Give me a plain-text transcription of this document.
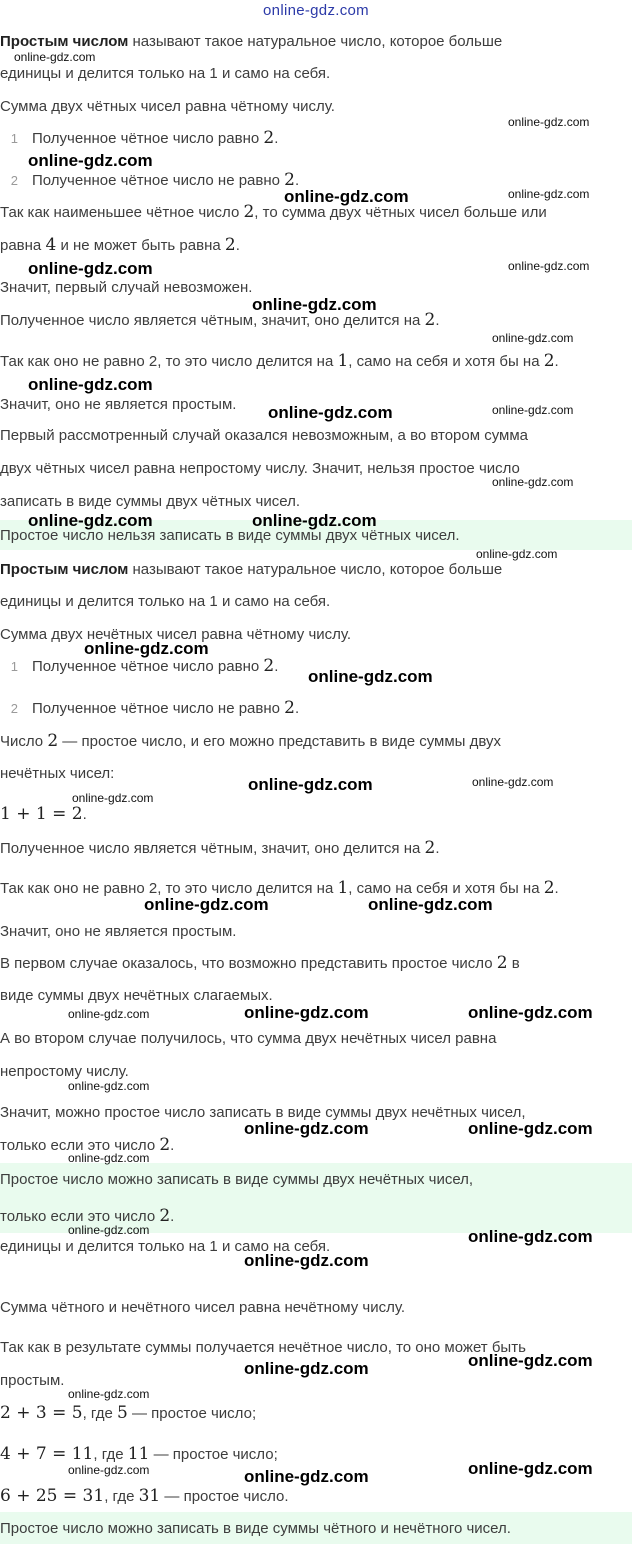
online-gdz.com

Простым числом называют такое натуральное число, которое больше

единицы и делится только на 1 и само на себя.

Сумма двух чётных чисел равна чётному числу.

1 Полученное чётное число равно 2.

2 Полученное чётное число не равно 2.

Так как наименьшее чётное число 2, то сумма двух чётных чисел больше или

равна 4 и не может быть равна 2.

Значит, первый случай невозможен.

Полученное число является чётным, значит, оно делится на 2.

Так как оно не равно 2, то это число делится на 1, само на себя и хотя бы на 2.

Значит, оно не является простым.

Первый рассмотренный случай оказался невозможным, а во втором сумма

двух чётных чисел равна непростому числу. Значит, нельзя простое число

записать в виде суммы двух чётных чисел.

Простое число нельзя записать в виде суммы двух чётных чисел.

Простым числом называют такое натуральное число, которое больше

единицы и делится только на 1 и само на себя.

Сумма двух нечётных чисел равна чётному числу.

1 Полученное чётное число равно 2.

2 Полученное чётное число не равно 2.

Число 2 — простое число, и его можно представить в виде суммы двух

нечётных чисел:

1 + 1 = 2.

Полученное число является чётным, значит, оно делится на 2.

Так как оно не равно 2, то это число делится на 1, само на себя и хотя бы на 2.

Значит, оно не является простым.

В первом случае оказалось, что возможно представить простое число 2 в

виде суммы двух нечётных слагаемых.

А во втором случае получилось, что сумма двух нечётных чисел равна

непростому числу.

Значит, можно простое число записать в виде суммы двух нечётных чисел,

только если это число 2.

Простое число можно записать в виде суммы двух нечётных чисел,

только если это число 2.

единицы и делится только на 1 и само на себя.

Сумма чётного и нечётного чисел равна нечётному числу.

Так как в результате суммы получается нечётное число, то оно может быть

простым.

2 + 3 = 5, где 5 — простое число;

4 + 7 = 11, где 11 — простое число;

6 + 25 = 31, где 31 — простое число.

Простое число можно записать в виде суммы чётного и нечётного чисел.

online-gdz.com
online-gdz.com
online-gdz.com
online-gdz.com
online-gdz.com
online-gdz.com
online-gdz.com
online-gdz.com
online-gdz.com
online-gdz.com
online-gdz.com
online-gdz.com
online-gdz.com
online-gdz.com
online-gdz.com
online-gdz.com
online-gdz.com
online-gdz.com
online-gdz.com
online-gdz.com
online-gdz.com
online-gdz.com
online-gdz.com	online-gdz.com
online-gdz.com
online-gdz.com
online-gdz.com
online-gdz.com	online-gdz.com
online-gdz.com	online-gdz.com
online-gdz.com	online-gdz.com
online-gdz.com
online-gdz.com
online-gdz.com
online-gdz.com
online-gdz.com	online-gdz.com
